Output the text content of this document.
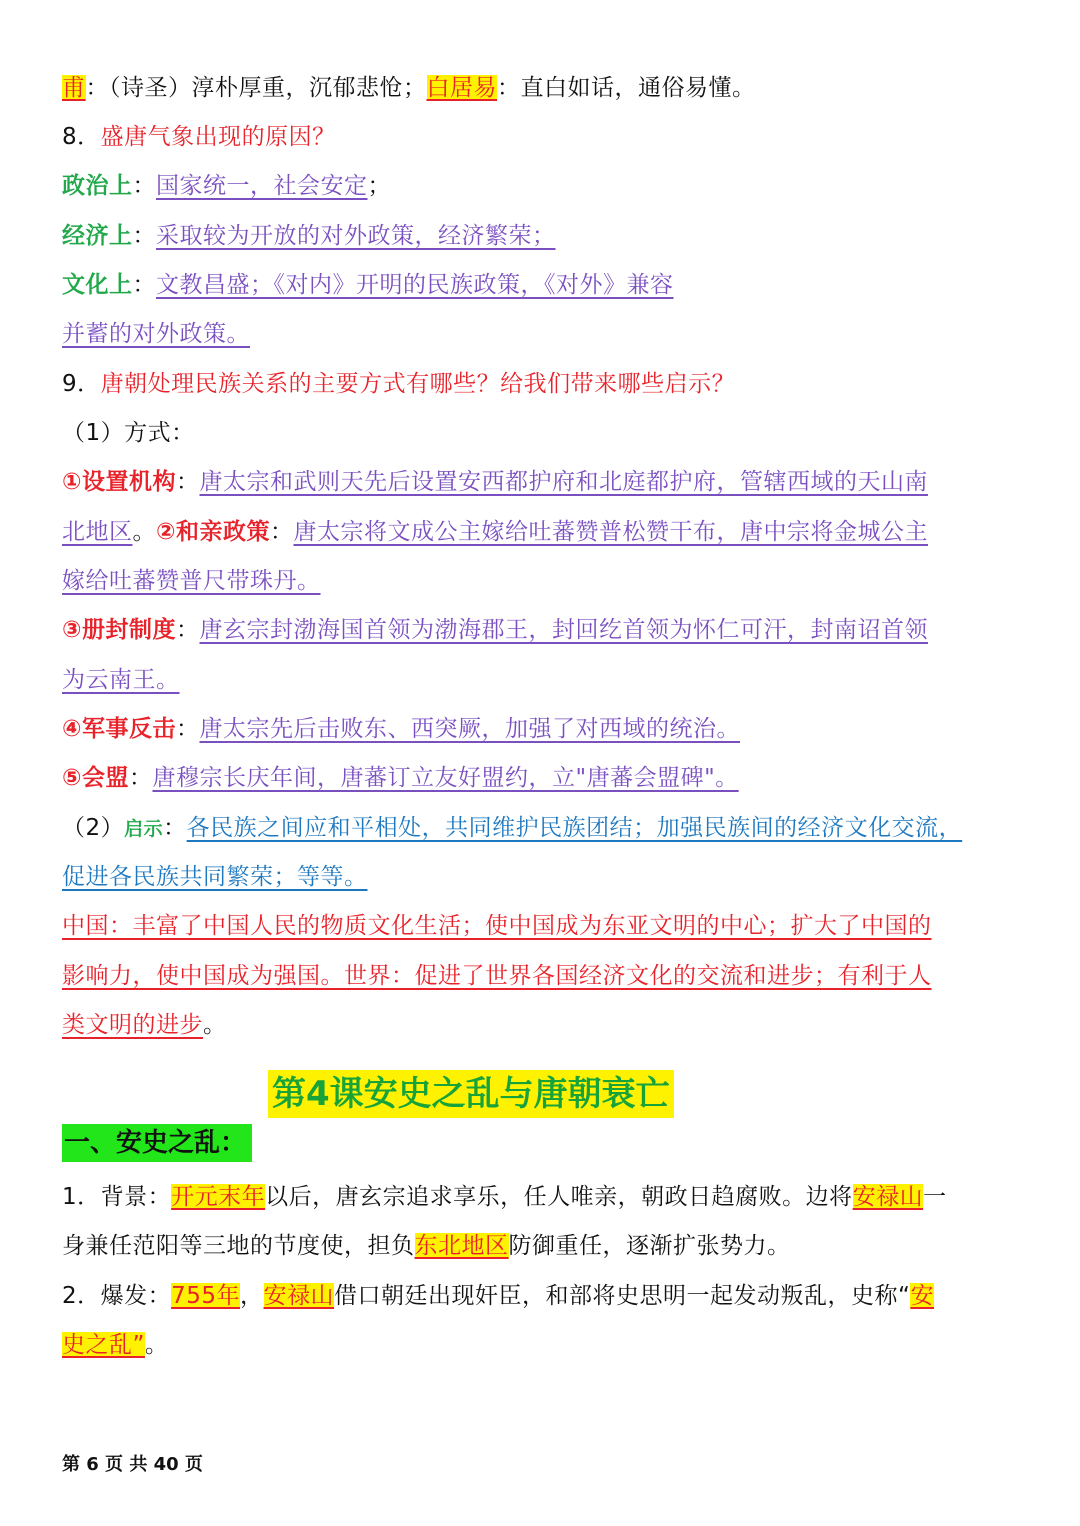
甫：（诗圣）淳朴厚重，沉郁悲怆；白居易：直白如话，通俗易懂。
8．盛唐气象出现的原因？
政治上：国家统一，社会安定；
经济上：采取较为开放的对外政策，经济繁荣；
文化上：文教昌盛；《对内》开明的民族政策，《对外》兼容
并蓄的对外政策。
9．唐朝处理民族关系的主要方式有哪些？给我们带来哪些启示？
（1）方式：
①设置机构：唐太宗和武则天先后设置安西都护府和北庭都护府，管辖西域的天山南
北地区。②和亲政策：唐太宗将文成公主嫁给吐蕃赞普松赞干布，唐中宗将金城公主
嫁给吐蕃赞普尺带珠丹。
③册封制度：唐玄宗封渤海国首领为渤海郡王，封回纥首领为怀仁可汗，封南诏首领
为云南王。
④军事反击：唐太宗先后击败东、西突厥，加强了对西域的统治。
⑤会盟：唐穆宗长庆年间，唐蕃订立友好盟约，立"唐蕃会盟碑"。
（2）启示：各民族之间应和平相处，共同维护民族团结；加强民族间的经济文化交流，
促进各民族共同繁荣；等等。
中国：丰富了中国人民的物质文化生活；使中国成为东亚文明的中心；扩大了中国的
影响力，使中国成为强国。世界：促进了世界各国经济文化的交流和进步；有利于人
类文明的进步。
一、安史之乱：
1．背景：开元末年以后，唐玄宗追求享乐，任人唯亲，朝政日趋腐败。边将安禄山一
身兼任范阳等三地的节度使，担负东北地区防御重任，逐渐扩张势力。
2．爆发：755年，安禄山借口朝廷出现奸臣，和部将史思明一起发动叛乱，史称“安
史之乱”。
第 6 页 共 40 页
第4课安史之乱与唐朝衰亡
